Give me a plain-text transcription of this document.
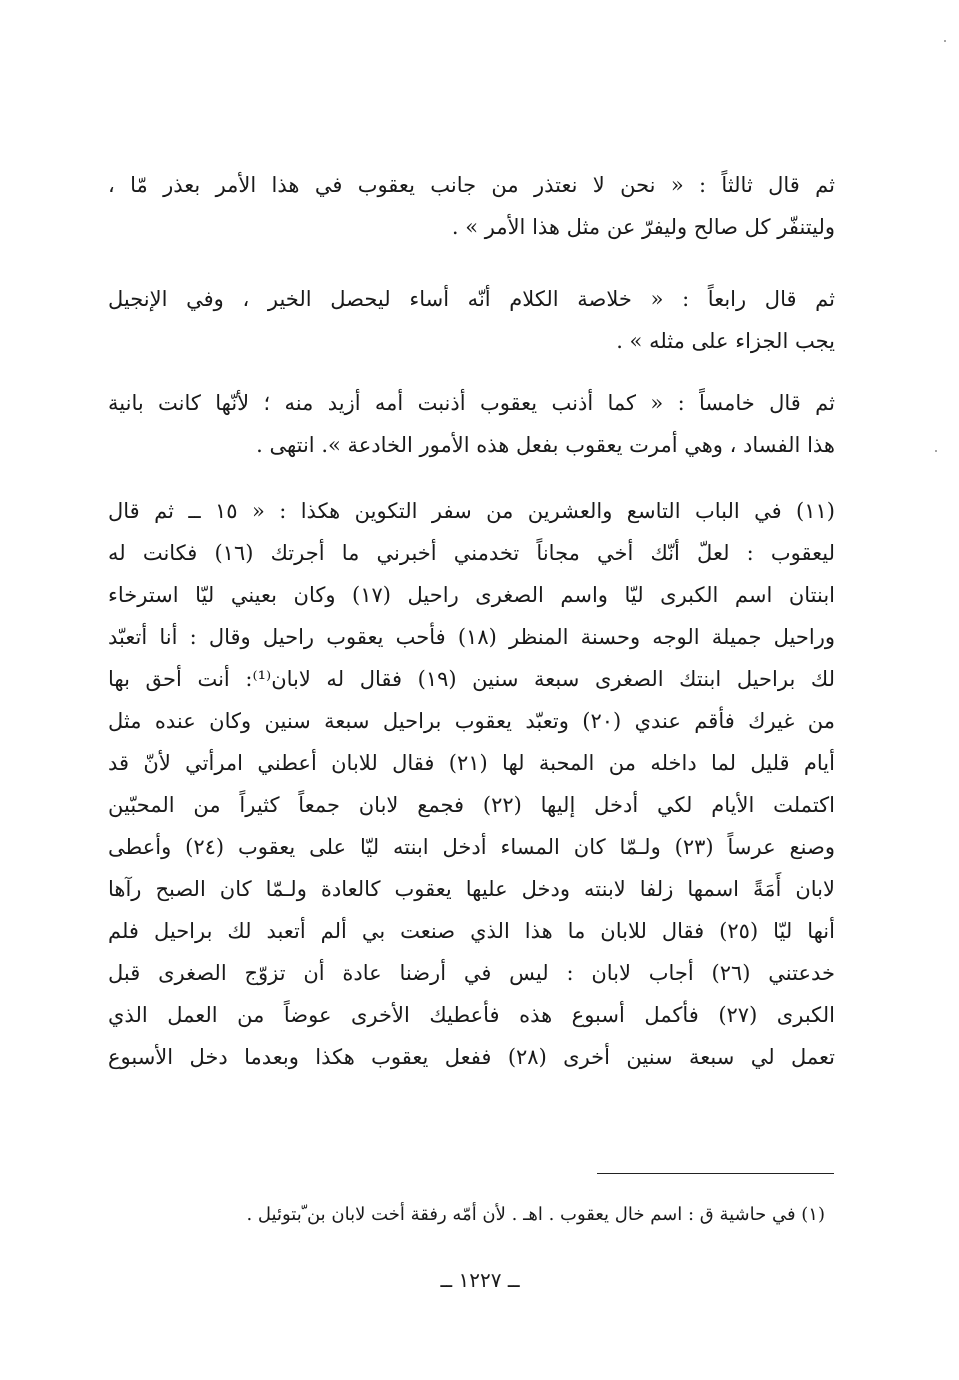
ثم قال ثالثاً : « نحن لا نعتذر من جانب يعقوب في هذا الأمر بعذر مّا ،
وليتنفّر كل صالح وليفرّ عن مثل هذا الأمر » .
ثم قال رابعاً : « خلاصة الكلام أنّه أساء ليحصل الخير ، وفي الإنجيل
يجب الجزاء على مثله » .
ثم قال خامساً : « كما أذنب يعقوب أذنبت أمه أزيد منه ؛ لأنّها كانت بانية
هذا الفساد ، وهي أمرت يعقوب بفعل هذه الأمور الخادعة ». انتهى .
(١١) في الباب التاسع والعشرين من سفر التكوين هكذا : « ١٥ ــ ثم قال
ليعقوب : لعلّ أنّك أخي مجاناً تخدمني أخبرني ما أجرتك (١٦) فكانت له
ابنتان اسم الكبرى ليّا واسم الصغرى راحيل (١٧) وكان بعيني ليّا استرخاء
وراحيل جميلة الوجه وحسنة المنظر (١٨) فأحب يعقوب راحيل وقال : أنا أتعبّد
لك براحيل ابنتك الصغرى سبعة سنين (١٩) فقال له لابان⁽¹⁾: أنت أحق بها
من غيرك فأقم عندي (٢٠) وتعبّد يعقوب براحيل سبعة سنين وكان عنده مثل
أيام قليل لما داخله من المحبة لها (٢١) فقال للابان أعطني امرأتي لأنّ قد
اكتملت الأيام لكي أدخل إليها (٢٢) فجمع لابان جمعاً كثيراً من المحبّين
وصنع عرساً (٢٣) ولـمّا كان المساء أدخل ابنته ليّا على يعقوب (٢٤) وأعطى
لابان أَمَةً اسمها زلفا لابنته ودخل عليها يعقوب كالعادة ولـمّا كان الصبح رآها
أنها ليّا (٢٥) فقال للابان ما هذا الذي صنعت بي ألم أتعبد لك براحيل فلم
خدعتني (٢٦) أجاب لابان : ليس في أرضنا عادة أن تزوّج الصغرى قبل
الكبرى (٢٧) فأكمل أسبوع هذه فأعطيك الأخرى عوضاً من العمل الذي
تعمل لي سبعة سنين أخرى (٢٨) ففعل يعقوب هكذا وبعدما دخل الأسبوع
(١) في حاشية ق : اسم خال يعقوب . اهـ . لأن أمّه رفقة أخت لابان بن ّبتوئيل .
ــ ١٢٢٧ ــ
